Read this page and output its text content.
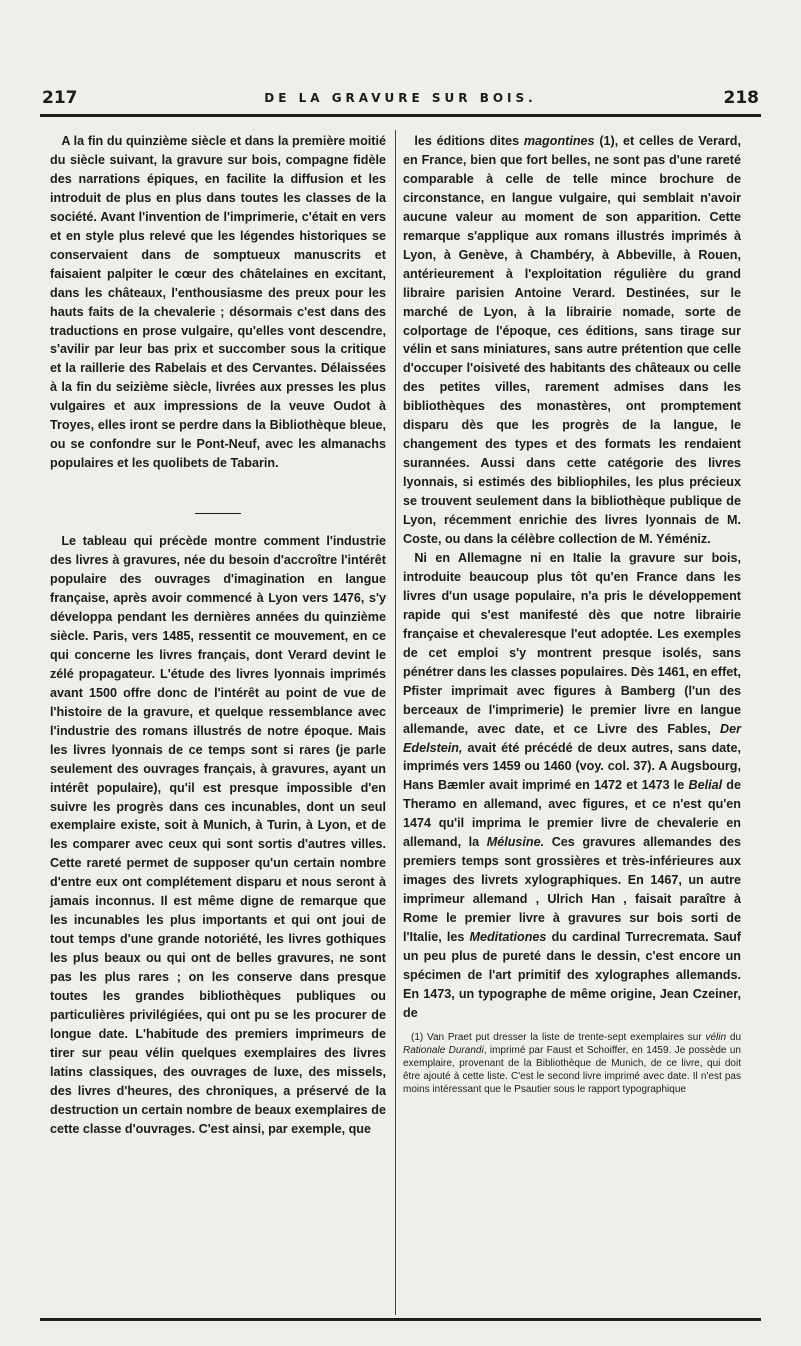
217	DE LA GRAVURE SUR BOIS.	218

A la fin du quinzième siècle et dans la première moitié du siècle suivant, la gravure sur bois, compagne fidèle des narrations épiques, en facilite la diffusion et les introduit de plus en plus dans toutes les classes de la société. Avant l'invention de l'imprimerie, c'était en vers et en style plus relevé que les légendes historiques se conservaient dans de somptueux manuscrits et faisaient palpiter le cœur des châtelaines en excitant, dans les châteaux, l'enthousiasme des preux pour les hauts faits de la chevalerie ; désormais c'est dans des traductions en prose vulgaire, qu'elles vont descendre, s'avilir par leur bas prix et succomber sous la critique et la raillerie des Rabelais et des Cervantes. Délaissées à la fin du seizième siècle, livrées aux presses les plus vulgaires et aux impressions de la veuve Oudot à Troyes, elles iront se perdre dans la Bibliothèque bleue, ou se confondre sur le Pont-Neuf, avec les almanachs populaires et les quolibets de Tabarin.

Le tableau qui précède montre comment l'industrie des livres à gravures, née du besoin d'accroître l'intérêt populaire des ouvrages d'imagination en langue française, après avoir commencé à Lyon vers 1476, s'y développa pendant les dernières années du quinzième siècle. Paris, vers 1485, ressentit ce mouvement, en ce qui concerne les livres français, dont Verard devint le zélé propagateur. L'étude des livres lyonnais imprimés avant 1500 offre donc de l'intérêt au point de vue de l'histoire de la gravure, et quelque ressemblance avec l'industrie des romans illustrés de notre époque. Mais les livres lyonnais de ce temps sont si rares (je parle seulement des ouvrages français, à gravures, ayant un intérêt populaire), qu'il est presque impossible d'en suivre les progrès dans ces incunables, dont un seul exemplaire existe, soit à Munich, à Turin, à Lyon, et de les comparer avec ceux qui sont sortis d'autres villes. Cette rareté permet de supposer qu'un certain nombre d'entre eux ont complétement disparu et nous seront à jamais inconnus. Il est même digne de remarque que les incunables les plus importants et qui ont joui de tout temps d'une grande notoriété, les livres gothiques les plus beaux ou qui ont de belles gravures, ne sont pas les plus rares ; on les conserve dans presque toutes les grandes bibliothèques publiques ou particulières privilégiées, qui ont pu se les procurer de longue date. L'habitude des premiers imprimeurs de tirer sur peau vélin quelques exemplaires des livres latins classiques, des ouvrages de luxe, des missels, des livres d'heures, des chroniques, a préservé de la destruction un certain nombre de beaux exemplaires de cette classe d'ouvrages. C'est ainsi, par exemple, que

les éditions dites magontines (1), et celles de Verard, en France, bien que fort belles, ne sont pas d'une rareté comparable à celle de telle mince brochure de circonstance, en langue vulgaire, qui semblait n'avoir aucune valeur au moment de son apparition. Cette remarque s'applique aux romans illustrés imprimés à Lyon, à Genève, à Chambéry, à Abbeville, à Rouen, antérieurement à l'exploitation régulière du grand libraire parisien Antoine Verard. Destinées, sur le marché de Lyon, à la librairie nomade, sorte de colportage de l'époque, ces éditions, sans tirage sur vélin et sans miniatures, sans autre prétention que celle d'occuper l'oisiveté des habitants des châteaux ou celle des petites villes, rarement admises dans les bibliothèques des monastères, ont promptement disparu dès que les progrès de la langue, le changement des types et des formats les rendaient surannées. Aussi dans cette catégorie des livres lyonnais, si estimés des bibliophiles, les plus précieux se trouvent seulement dans la bibliothèque publique de Lyon, récemment enrichie des livres lyonnais de M. Coste, ou dans la célèbre collection de M. Yéméniz.

Ni en Allemagne ni en Italie la gravure sur bois, introduite beaucoup plus tôt qu'en France dans les livres d'un usage populaire, n'a pris le développement rapide qui s'est manifesté dès que notre librairie française et chevaleresque l'eut adoptée. Les exemples de cet emploi s'y montrent presque isolés, sans pénétrer dans les classes populaires. Dès 1461, en effet, Pfister imprimait avec figures à Bamberg (l'un des berceaux de l'imprimerie) le premier livre en langue allemande, avec date, et ce Livre des Fables, Der Edelstein, avait été précédé de deux autres, sans date, imprimés vers 1459 ou 1460 (voy. col. 37). A Augsbourg, Hans Bæmler avait imprimé en 1472 et 1473 le Belial de Theramo en allemand, avec figures, et ce n'est qu'en 1474 qu'il imprima le premier livre de chevalerie en allemand, la Mélusine. Ces gravures allemandes des premiers temps sont grossières et très-inférieures aux images des livrets xylographiques. En 1467, un autre imprimeur allemand , Ulrich Han , faisait paraître à Rome le premier livre à gravures sur bois sorti de l'Italie, les Meditationes du cardinal Turrecremata. Sauf un peu plus de pureté dans le dessin, c'est encore un spécimen de l'art primitif des xylographes allemands. En 1473, un typographe de même origine, Jean Czeiner, de

(1) Van Praet put dresser la liste de trente-sept exemplaires sur vélin du Rationale Durandi, imprimé par Faust et Schoiffer, en 1459. Je possède un exemplaire, provenant de la Bibliothèque de Munich, de ce livre, qui doit être ajouté à cette liste. C'est le second livre imprimé avec date. Il n'est pas moins intéressant que le Psautier sous le rapport typographique
